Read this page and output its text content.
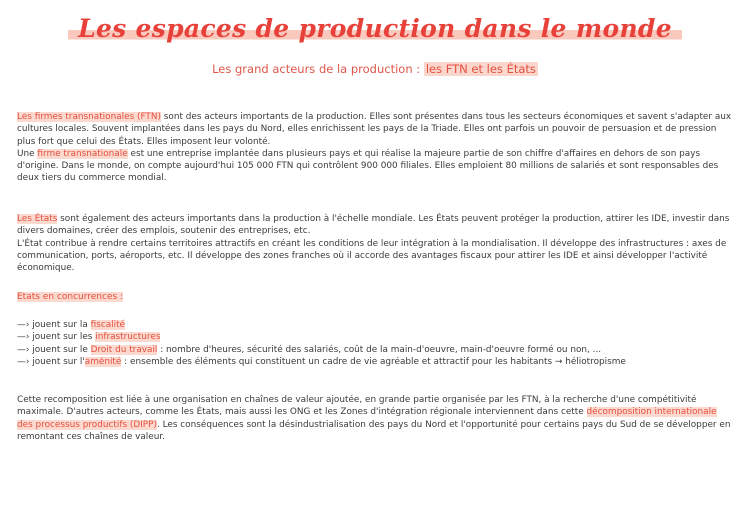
Les espaces de production dans le monde
Les grand acteurs de la production : les FTN et les États
Les firmes transnationales (FTN) sont des acteurs importants de la production. Elles sont présentes dans tous les secteurs économiques et savent s'adapter aux cultures locales. Souvent implantées dans les pays du Nord, elles enrichissent les pays de la Triade. Elles ont parfois un pouvoir de persuasion et de pression plus fort que celui des États. Elles imposent leur volonté.
Une firme transnationale est une entreprise implantée dans plusieurs pays et qui réalise la majeure partie de son chiffre d'affaires en dehors de son pays d'origine. Dans le monde, on compte aujourd'hui 105 000 FTN qui contrôlent 900 000 filiales. Elles emploient 80 millions de salariés et sont responsables des deux tiers du commerce mondial.
Les États sont également des acteurs importants dans la production à l'échelle mondiale. Les États peuvent protéger la production, attirer les IDE, investir dans divers domaines, créer des emplois, soutenir des entreprises, etc.
L'État contribue à rendre certains territoires attractifs en créant les conditions de leur intégration à la mondialisation. Il développe des infrastructures : axes de communication, ports, aéroports, etc. Il développe des zones franches où il accorde des avantages fiscaux pour attirer les IDE et ainsi développer l'activité économique.
Etats en concurrences :
—› jouent sur la fiscalité
—› jouent sur les infrastructures
—› jouent sur le Droit du travail : nombre d'heures, sécurité des salariés, coût de la main-d'oeuvre, main-d'oeuvre formé ou non, ...
—› jouent sur l'aménité : ensemble des éléments qui constituent un cadre de vie agréable et attractif pour les habitants → héliotropisme
Cette recomposition est liée à une organisation en chaînes de valeur ajoutée, en grande partie organisée par les FTN, à la recherche d'une compétitivité maximale. D'autres acteurs, comme les États, mais aussi les ONG et les Zones d'intégration régionale interviennent dans cette décomposition internationale des processus productifs (DIPP). Les conséquences sont la désindustrialisation des pays du Nord et l'opportunité pour certains pays du Sud de se développer en remontant ces chaînes de valeur.
